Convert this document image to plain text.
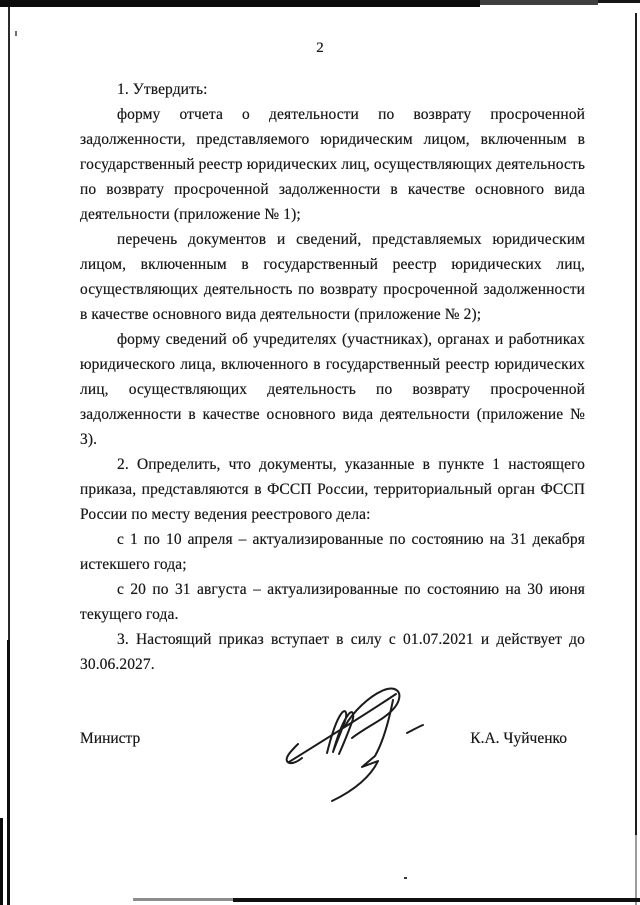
2

1. Утвердить:

форму отчета о деятельности по возврату просроченной задолженности, представляемого юридическим лицом, включенным в государственный реестр юридических лиц, осуществляющих деятельность по возврату просроченной задолженности в качестве основного вида деятельности (приложение № 1);

перечень документов и сведений, представляемых юридическим лицом, включенным в государственный реестр юридических лиц, осуществляющих деятельность по возврату просроченной задолженности в качестве основного вида деятельности (приложение № 2);

форму сведений об учредителях (участниках), органах и работниках юридического лица, включенного в государственный реестр юридических лиц, осуществляющих деятельность по возврату просроченной задолженности в качестве основного вида деятельности (приложение № 3).

2. Определить, что документы, указанные в пункте 1 настоящего приказа, представляются в ФССП России, территориальный орган ФССП России по месту ведения реестрового дела:

с 1 по 10 апреля – актуализированные по состоянию на 31 декабря истекшего года;

с 20 по 31 августа – актуализированные по состоянию на 30 июня текущего года.

3. Настоящий приказ вступает в силу с 01.07.2021 и действует до 30.06.2027.

Министр	К.А. Чуйченко
